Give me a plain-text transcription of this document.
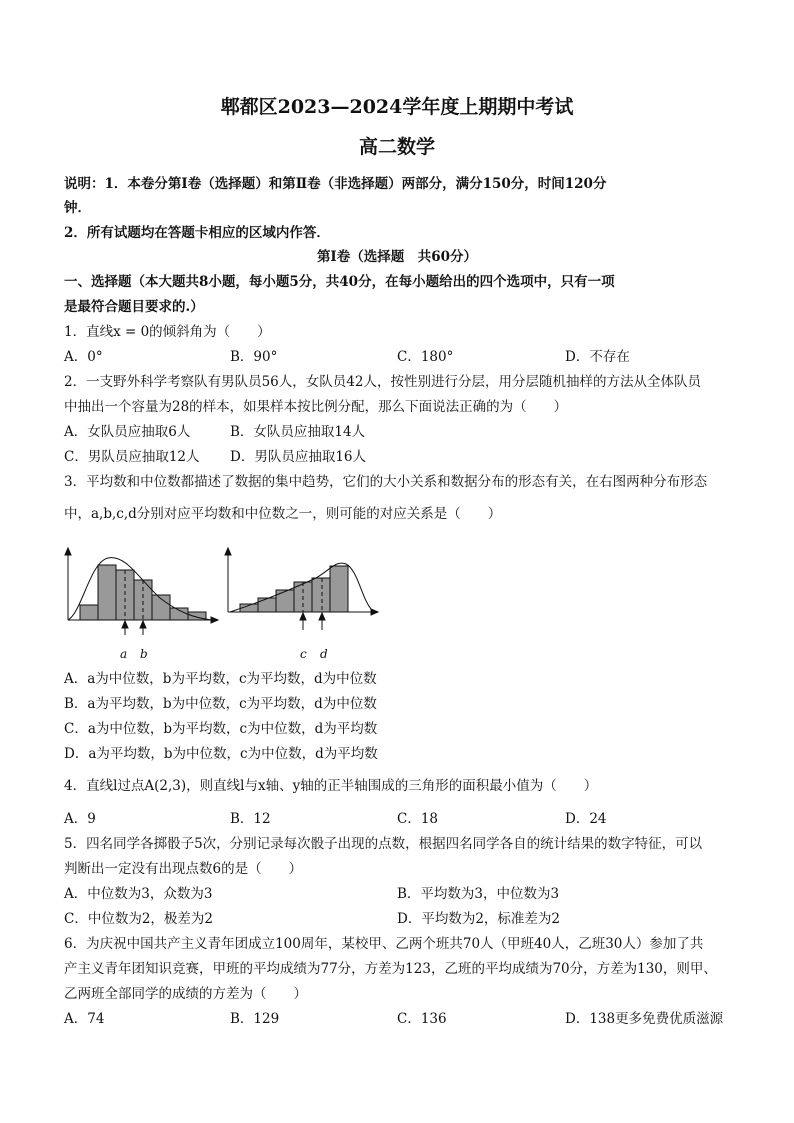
郫都区2023—2024学年度上期期中考试
高二数学
说明：1．本卷分第Ⅰ卷（选择题）和第Ⅱ卷（非选择题）两部分，满分150分，时间120分
钟．
2．所有试题均在答题卡相应的区域内作答．
第Ⅰ卷（选择题　共60分）
一、选择题（本大题共8小题，每小题5分，共40分，在每小题给出的四个选项中，只有一项
是最符合题目要求的.）
1．直线x = 0的倾斜角为（　　）
A．0°	B．90°	C．180°	D．不存在
2．一支野外科学考察队有男队员56人，女队员42人，按性别进行分层，用分层随机抽样的方法从全体队员
中抽出一个容量为28的样本，如果样本按比例分配，那么下面说法正确的为（　　）
A．女队员应抽取6人	B．女队员应抽取14人
C．男队员应抽取12人 D．男队员应抽取16人
3．平均数和中位数都描述了数据的集中趋势，它们的大小关系和数据分布的形态有关，在右图两种分布形态
中，a,b,c,d分别对应平均数和中位数之一，则可能的对应关系是（　　）
a b	c d
A．a为中位数，b为平均数，c为平均数，d为中位数
B．a为平均数，b为中位数，c为平均数，d为中位数
C．a为中位数，b为平均数，c为中位数，d为平均数
D．a为平均数，b为中位数，c为中位数，d为平均数
4．直线l过点A(2,3)，则直线l与x轴、y轴的正半轴围成的三角形的面积最小值为（　　）
A．9	B．12	C．18	D．24
5．四名同学各掷骰子5次，分别记录每次骰子出现的点数，根据四名同学各自的统计结果的数字特征，可以
判断出一定没有出现点数6的是（　　）
A．中位数为3，众数为3	B．平均数为3，中位数为3
C．中位数为2，极差为2	D．平均数为2，标准差为2
6．为庆祝中国共产主义青年团成立100周年，某校甲、乙两个班共70人（甲班40人，乙班30人）参加了共
产主义青年团知识竞赛，甲班的平均成绩为77分，方差为123，乙班的平均成绩为70分，方差为130，则甲、
乙两班全部同学的成绩的方差为（　　）
A．74	B．129	C．136	D．138更多免费优质滋源
